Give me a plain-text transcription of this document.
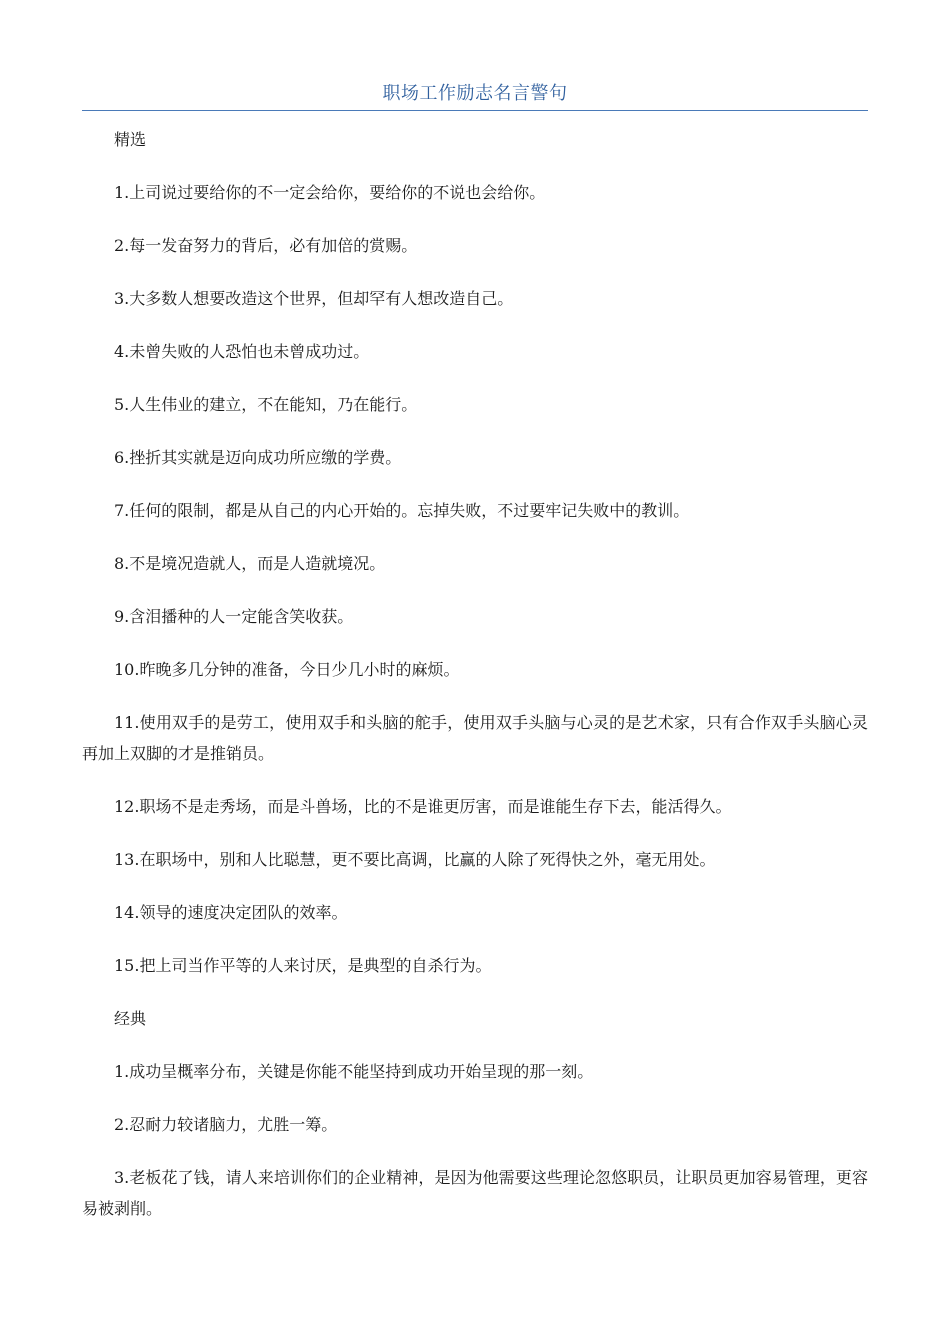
职场工作励志名言警句

精选

1.上司说过要给你的不一定会给你，要给你的不说也会给你。

2.每一发奋努力的背后，必有加倍的赏赐。

3.大多数人想要改造这个世界，但却罕有人想改造自己。

4.未曾失败的人恐怕也未曾成功过。

5.人生伟业的建立，不在能知，乃在能行。

6.挫折其实就是迈向成功所应缴的学费。

7.任何的限制，都是从自己的内心开始的。忘掉失败，不过要牢记失败中的教训。

8.不是境况造就人，而是人造就境况。

9.含泪播种的人一定能含笑收获。

10.昨晚多几分钟的准备，今日少几小时的麻烦。

11.使用双手的是劳工，使用双手和头脑的舵手，使用双手头脑与心灵的是艺术家，只有合作双手头脑心灵再加上双脚的才是推销员。

12.职场不是走秀场，而是斗兽场，比的不是谁更厉害，而是谁能生存下去，能活得久。

13.在职场中，别和人比聪慧，更不要比高调，比赢的人除了死得快之外，毫无用处。

14.领导的速度决定团队的效率。

15.把上司当作平等的人来讨厌，是典型的自杀行为。

经典

1.成功呈概率分布，关键是你能不能坚持到成功开始呈现的那一刻。

2.忍耐力较诸脑力，尤胜一筹。

3.老板花了钱，请人来培训你们的企业精神，是因为他需要这些理论忽悠职员，让职员更加容易管理，更容易被剥削。
